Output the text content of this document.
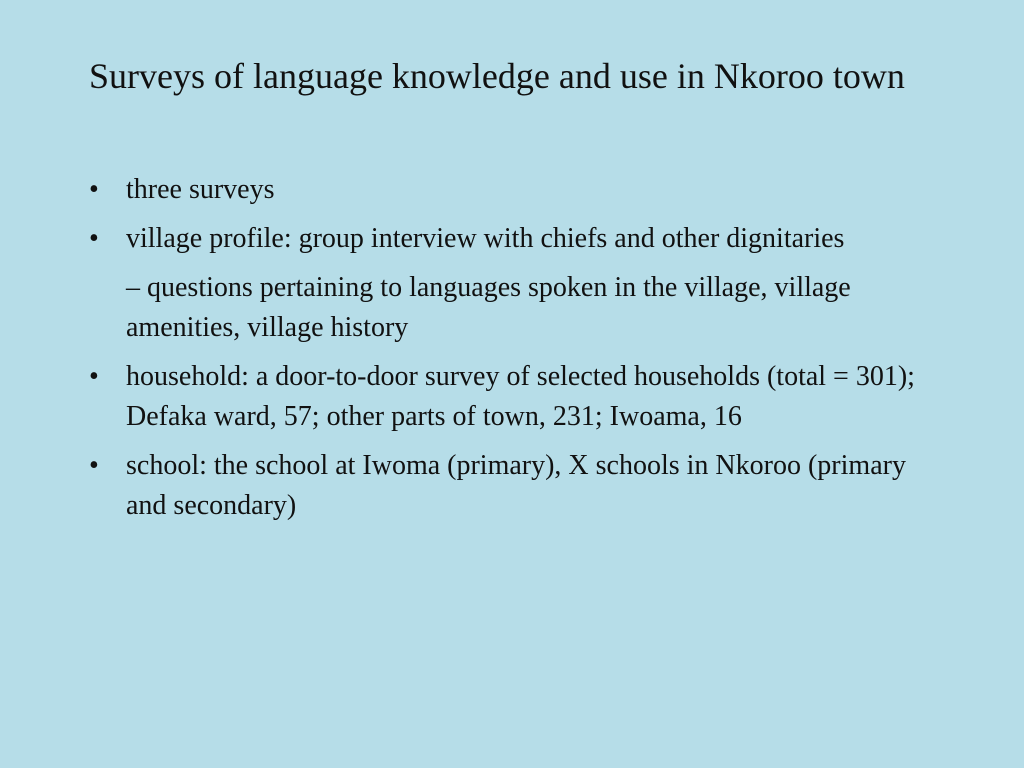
Surveys of language knowledge and use in Nkoroo town
• three surveys
• village profile: group interview with chiefs and other dignitaries
– questions pertaining to languages spoken in the village, village amenities, village history
• household: a door-to-door survey of selected households (total = 301); Defaka ward, 57; other parts of town, 231; Iwoama, 16
• school: the school at Iwoma (primary), X schools in Nkoroo (primary and secondary)
